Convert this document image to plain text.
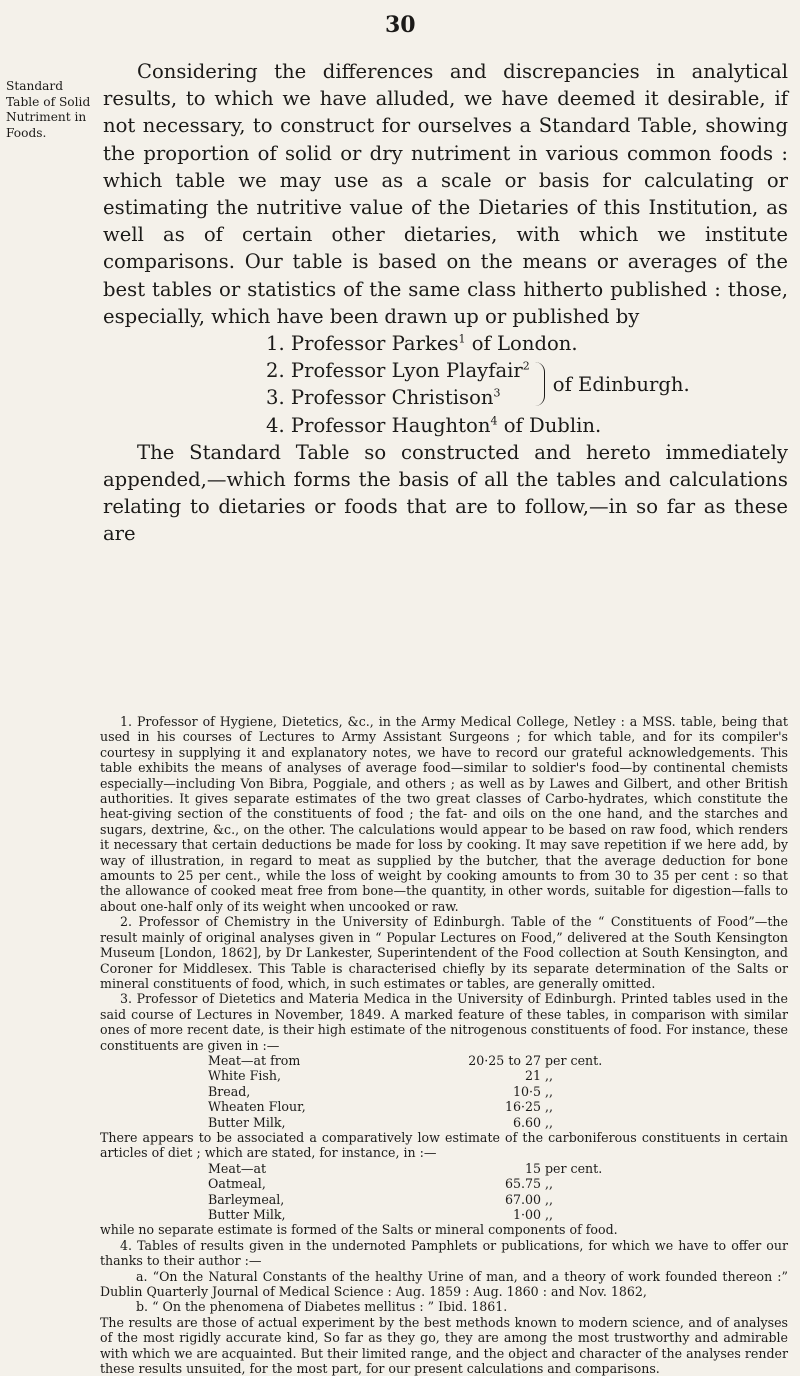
30
Standard Table of Solid Nutriment in Foods.

Considering the differences and discrepancies in analytical results, to which we have alluded, we have deemed it desirable, if not necessary, to construct for ourselves a Standard Table, showing the proportion of solid or dry nutriment in various common foods : which table we may use as a scale or basis for calculating or estimating the nutritive value of the Dietaries of this Institution, as well as of certain other dietaries, with which we institute comparisons. Our table is based on the means or averages of the best tables or statistics of the same class hitherto published : those, especially, which have been drawn up or published by

1. Professor Parkes$^1$ of London.
2. Professor Lyon Playfair$^2$
3. Professor Christison$^3$	of Edinburgh.
4. Professor Haughton$^4$ of Dublin.

The Standard Table so constructed and hereto immediately appended,—which forms the basis of all the tables and calculations relating to dietaries or foods that are to follow,—in so far as these are

1. Professor of Hygiene, Dietetics, &c., in the Army Medical College, Netley : a MSS. table, being that used in his courses of Lectures to Army Assistant Surgeons ; for which table, and for its compiler's courtesy in supplying it and explanatory notes, we have to record our grateful acknowledgements. This table exhibits the means of analyses of average food—similar to soldier's food—by continental chemists especially—including Von Bibra, Poggiale, and others ; as well as by Lawes and Gilbert, and other British authorities. It gives separate estimates of the two great classes of Carbo-hydrates, which constitute the heat-giving section of the constituents of food ; the fat- and oils on the one hand, and the starches and sugars, dextrine, &c., on the other. The calculations would appear to be based on raw food, which renders it necessary that certain deductions be made for loss by cooking. It may save repetition if we here add, by way of illustration, in regard to meat as supplied by the butcher, that the average deduction for bone amounts to 25 per cent., while the loss of weight by cooking amounts to from 30 to 35 per cent : so that the allowance of cooked meat free from bone—the quantity, in other words, suitable for digestion—falls to about one-half only of its weight when uncooked or raw.

2. Professor of Chemistry in the University of Edinburgh. Table of the “ Constituents of Food”—the result mainly of original analyses given in “ Popular Lectures on Food,” delivered at the South Kensington Museum [London, 1862], by Dr Lankester, Superintendent of the Food collection at South Kensington, and Coroner for Middlesex. This Table is characterised chiefly by its separate determination of the Salts or mineral constituents of food, which, in such estimates or tables, are generally omitted.

3. Professor of Dietetics and Materia Medica in the University of Edinburgh. Printed tables used in the said course of Lectures in November, 1849. A marked feature of these tables, in comparison with similar ones of more recent date, is their high estimate of the nitrogenous constituents of food. For instance, these constituents are given in :—

Meat—at from	20·25 to 27	per cent.
White Fish,	21	,,
Bread,	10·5	,,
Wheaten Flour,	16·25	,,
Butter Milk,	6.60	,,

There appears to be associated a comparatively low estimate of the carboniferous constituents in certain articles of diet ; which are stated, for instance, in :—

Meat—at	15	per cent.
Oatmeal,	65.75	,,
Barleymeal,	67.00	,,
Butter Milk,	1·00	,,

while no separate estimate is formed of the Salts or mineral components of food.

4. Tables of results given in the undernoted Pamphlets or publications, for which we have to offer our thanks to their author :—

a. “On the Natural Constants of the healthy Urine of man, and a theory of work founded thereon :” Dublin Quarterly Journal of Medical Science : Aug. 1859 : Aug. 1860 : and Nov. 1862,

b. “ On the phenomena of Diabetes mellitus : ” Ibid. 1861.

The results are those of actual experiment by the best methods known to modern science, and of analyses of the most rigidly accurate kind, So far as they go, they are among the most trustworthy and admirable with which we are acquainted. But their limited range, and the object and character of the analyses render these results unsuited, for the most part, for our present calculations and comparisons.
